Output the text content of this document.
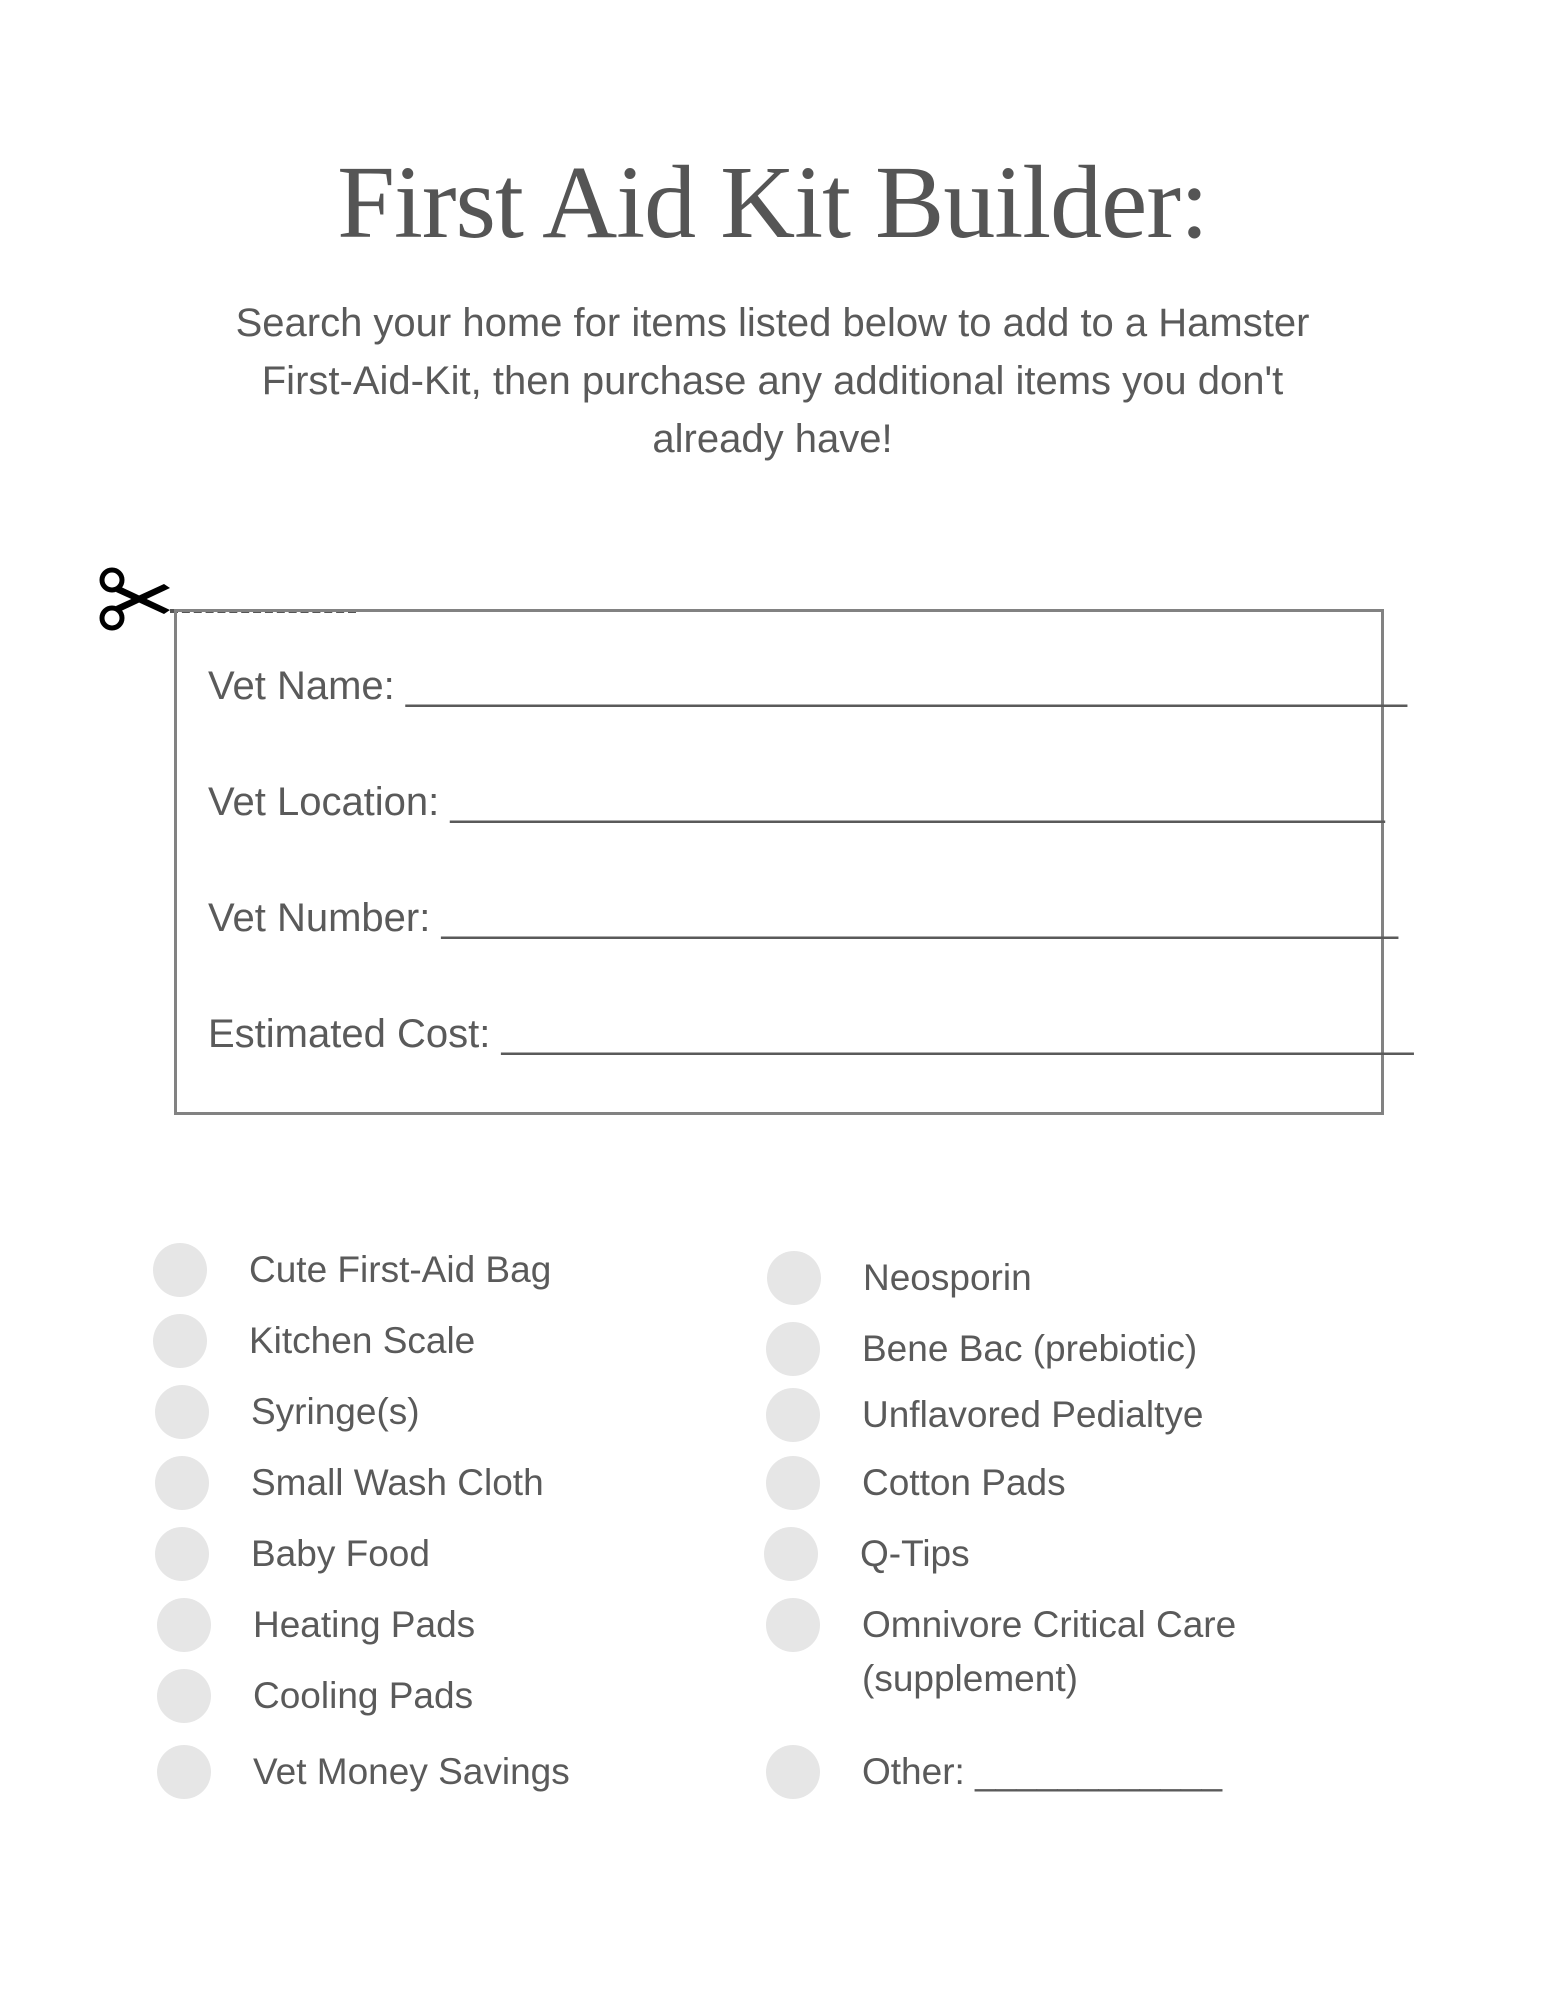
First Aid Kit Builder:
Search your home for items listed below to add to a Hamster First-Aid-Kit, then purchase any additional items you don't already have!
Vet Name: _____________________________________________
Vet Location: __________________________________________
Vet Number: ___________________________________________
Estimated Cost: _________________________________________
Cute First-Aid Bag
Kitchen Scale
Syringe(s)
Small Wash Cloth
Baby Food
Heating Pads
Cooling Pads
Vet Money Savings
Neosporin
Bene Bac (prebiotic)
Unflavored Pedialtye
Cotton Pads
Q-Tips
Omnivore Critical Care (supplement)
Other: ____________
